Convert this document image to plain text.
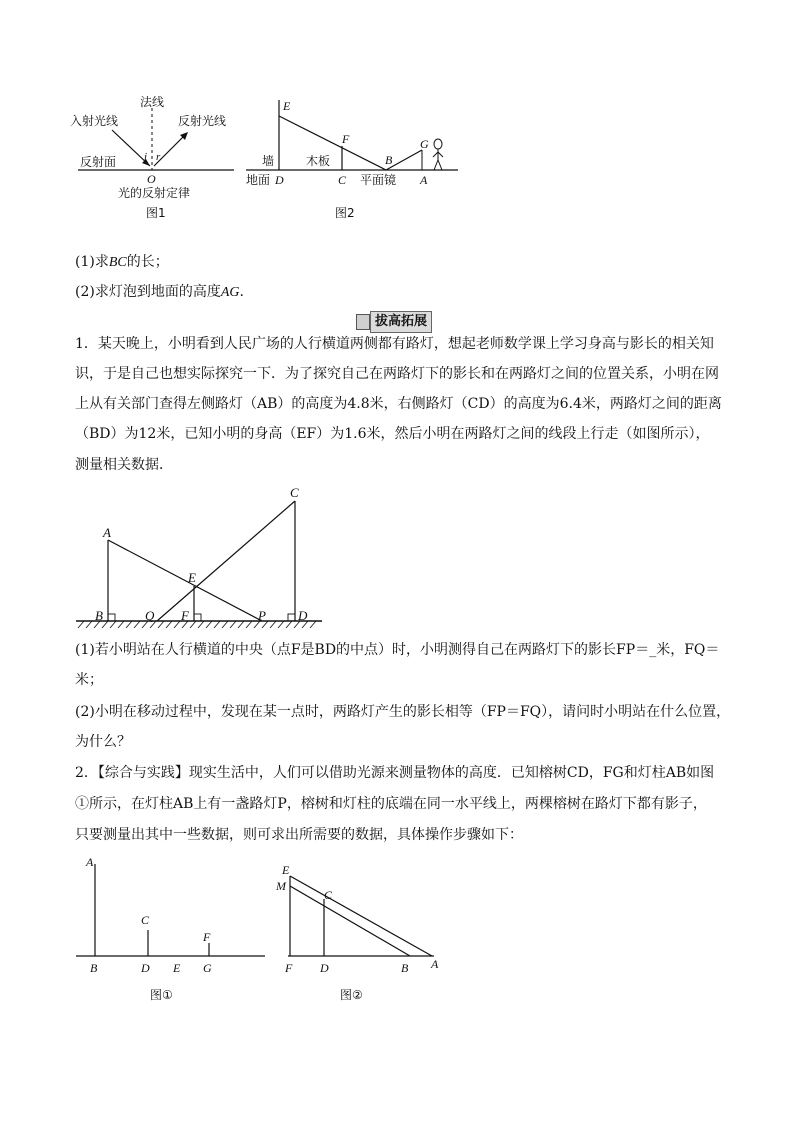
法线
入射光线	反射光线
反射面
O
i r
光的反射定律
图1
E
F	G
B
D	C	A
墙	木板
地面	平面镜
图2
(1)求BC的长；
(2)求灯泡到地面的高度AG.
拔高拓展
1．某天晚上，小明看到人民广场的人行横道两侧都有路灯，想起老师数学课上学习身高与影长的相关知
识，于是自己也想实际探究一下．为了探究自己在两路灯下的影长和在两路灯之间的位置关系，小明在网
上从有关部门查得左侧路灯（AB）的高度为4.8米，右侧路灯（CD）的高度为6.4米，两路灯之间的距离
（BD）为12米，已知小明的身高（EF）为1.6米，然后小明在两路灯之间的线段上行走（如图所示），
测量相关数据．
C
A
E
B	Q F	P D
(1)若小明站在人行横道的中央（点F是BD的中点）时，小明测得自己在两路灯下的影长FP＝_米，FQ＝
米；
(2)小明在移动过程中，发现在某一点时，两路灯产生的影长相等（FP＝FQ），请问时小明站在什么位置，
为什么？
2．【综合与实践】现实生活中，人们可以借助光源来测量物体的高度．已知榕树CD，FG和灯柱AB如图
①所示，在灯柱AB上有一盏路灯P，榕树和灯柱的底端在同一水平线上，两棵榕树在路灯下都有影子，
只要测量出其中一些数据，则可求出所需要的数据，具体操作步骤如下：
A
C
F
B	D E G
图①
E
M
C
F D	B A
图②
